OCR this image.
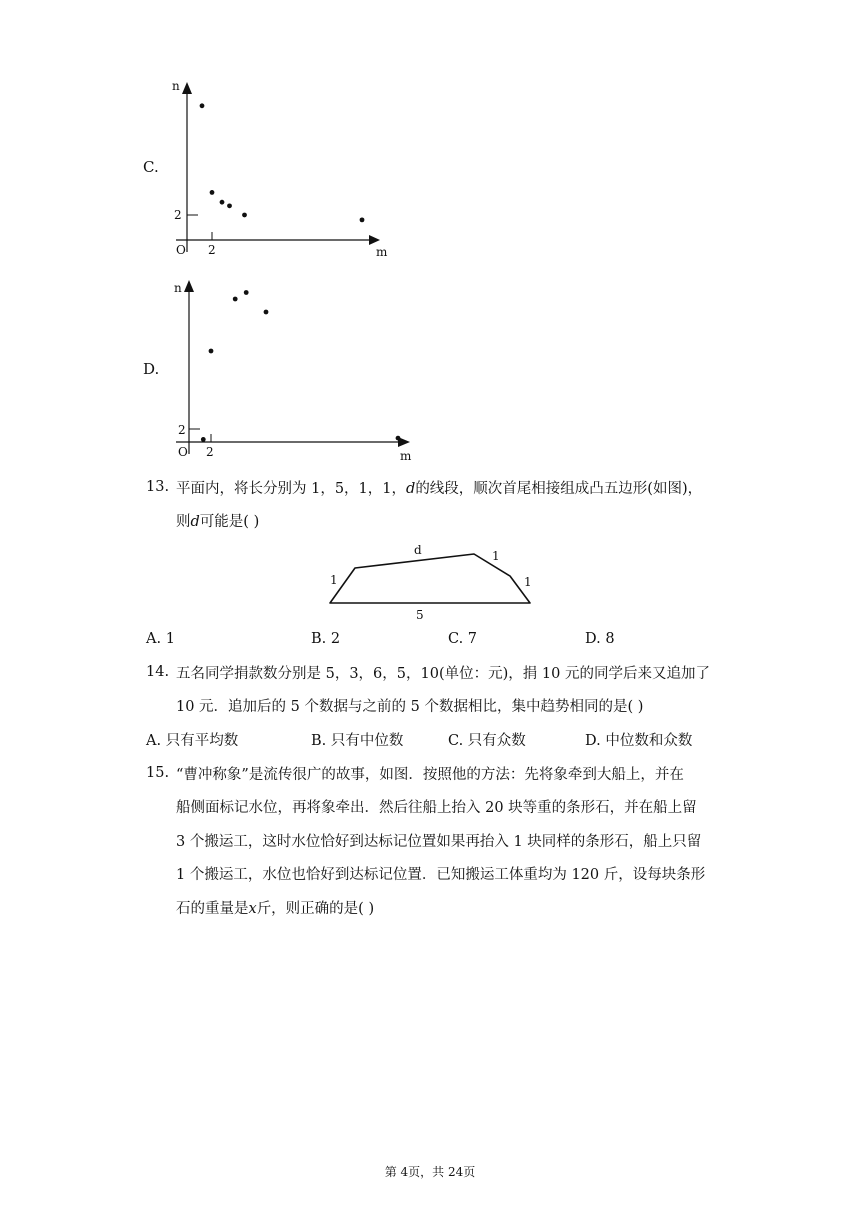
C.
n
m
O 2
2
D.
n
m
O 2
2
13. 平面内，将长分别为 1，5，1，1，d的线段，顺次首尾相接组成凸五边形(如图)，
则d可能是( )
d	1
1
1
5
A. 1	B. 2	C. 7	D. 8
14. 五名同学捐款数分别是 5，3，6，5，10(单位：元)，捐 10 元的同学后来又追加了
10 元．追加后的 5 个数据与之前的 5 个数据相比，集中趋势相同的是( )
A. 只有平均数	B. 只有中位数	C. 只有众数	D. 中位数和众数
15. “曹冲称象”是流传很广的故事，如图．按照他的方法：先将象牵到大船上，并在
船侧面标记水位，再将象牵出．然后往船上抬入 20 块等重的条形石，并在船上留
3 个搬运工，这时水位恰好到达标记位置如果再抬入 1 块同样的条形石，船上只留
1 个搬运工，水位也恰好到达标记位置．已知搬运工体重均为 120 斤，设每块条形
石的重量是x斤，则正确的是( )
第 4页，共 24页
